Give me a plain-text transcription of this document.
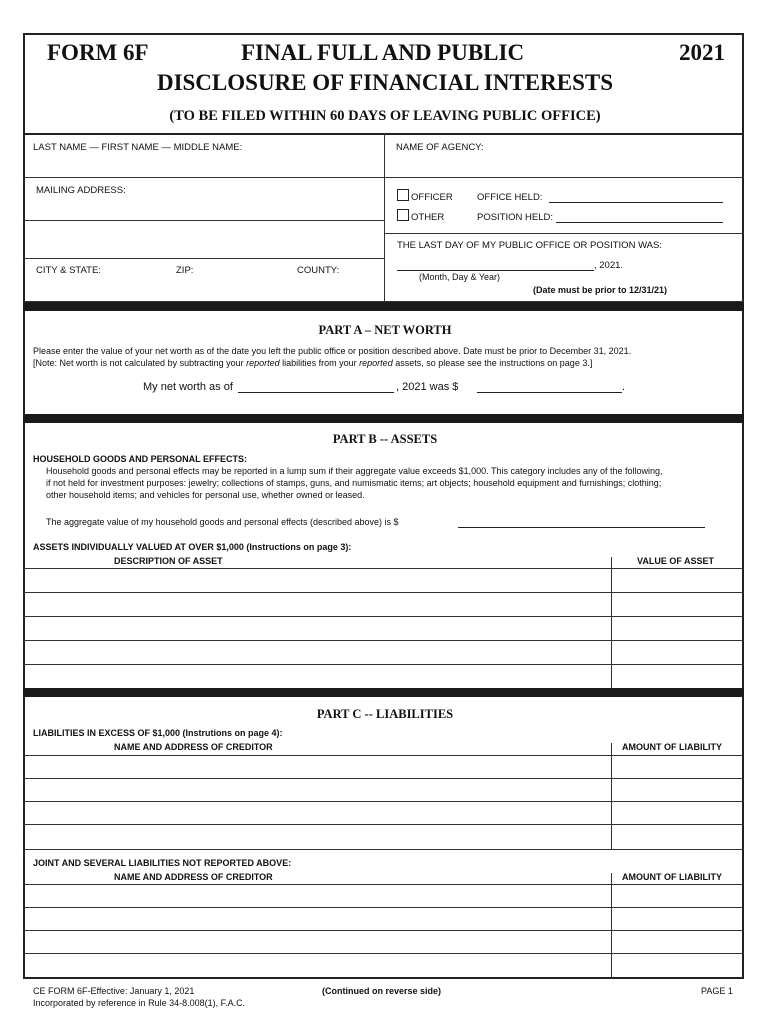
FORM 6F	FINAL FULL AND PUBLIC	2021
DISCLOSURE OF FINANCIAL INTERESTS
(TO BE FILED WITHIN 60 DAYS OF LEAVING PUBLIC OFFICE)
LAST NAME — FIRST NAME — MIDDLE NAME:	NAME OF AGENCY:
MAILING ADDRESS:
OFFICER	OFFICE HELD:
OTHER	POSITION HELD:
THE LAST DAY OF MY PUBLIC OFFICE OR POSITION WAS:
, 2021.
(Month, Day & Year)
(Date must be prior to 12/31/21)
CITY & STATE:	ZIP:	COUNTY:
PART A – NET WORTH
Please enter the value of your net worth as of the date you left the public office or position described above. Date must be prior to December 31, 2021.
[Note: Net worth is not calculated by subtracting your reported liabilities from your reported assets, so please see the instructions on page 3.]
My net worth as of	, 2021 was $	.
PART B -- ASSETS
HOUSEHOLD GOODS AND PERSONAL EFFECTS:
Household goods and personal effects may be reported in a lump sum if their aggregate value exceeds $1,000. This category includes any of the following,
if not held for investment purposes: jewelry; collections of stamps, guns, and numismatic items; art objects; household equipment and furnishings; clothing;
other household items; and vehicles for personal use, whether owned or leased.
The aggregate value of my household goods and personal effects (described above) is $
ASSETS INDIVIDUALLY VALUED AT OVER $1,000 (Instructions on page 3):
DESCRIPTION OF ASSET	VALUE OF ASSET
PART C -- LIABILITIES
LIABILITIES IN EXCESS OF $1,000 (Instrutions on page 4):
NAME AND ADDRESS OF CREDITOR	AMOUNT OF LIABILITY
JOINT AND SEVERAL LIABILITIES NOT REPORTED ABOVE:
NAME AND ADDRESS OF CREDITOR	AMOUNT OF LIABILITY
CE FORM 6F-Effective: January 1, 2021
Incorporated by reference in Rule 34-8.008(1), F.A.C.
(Continued on reverse side)	PAGE 1
